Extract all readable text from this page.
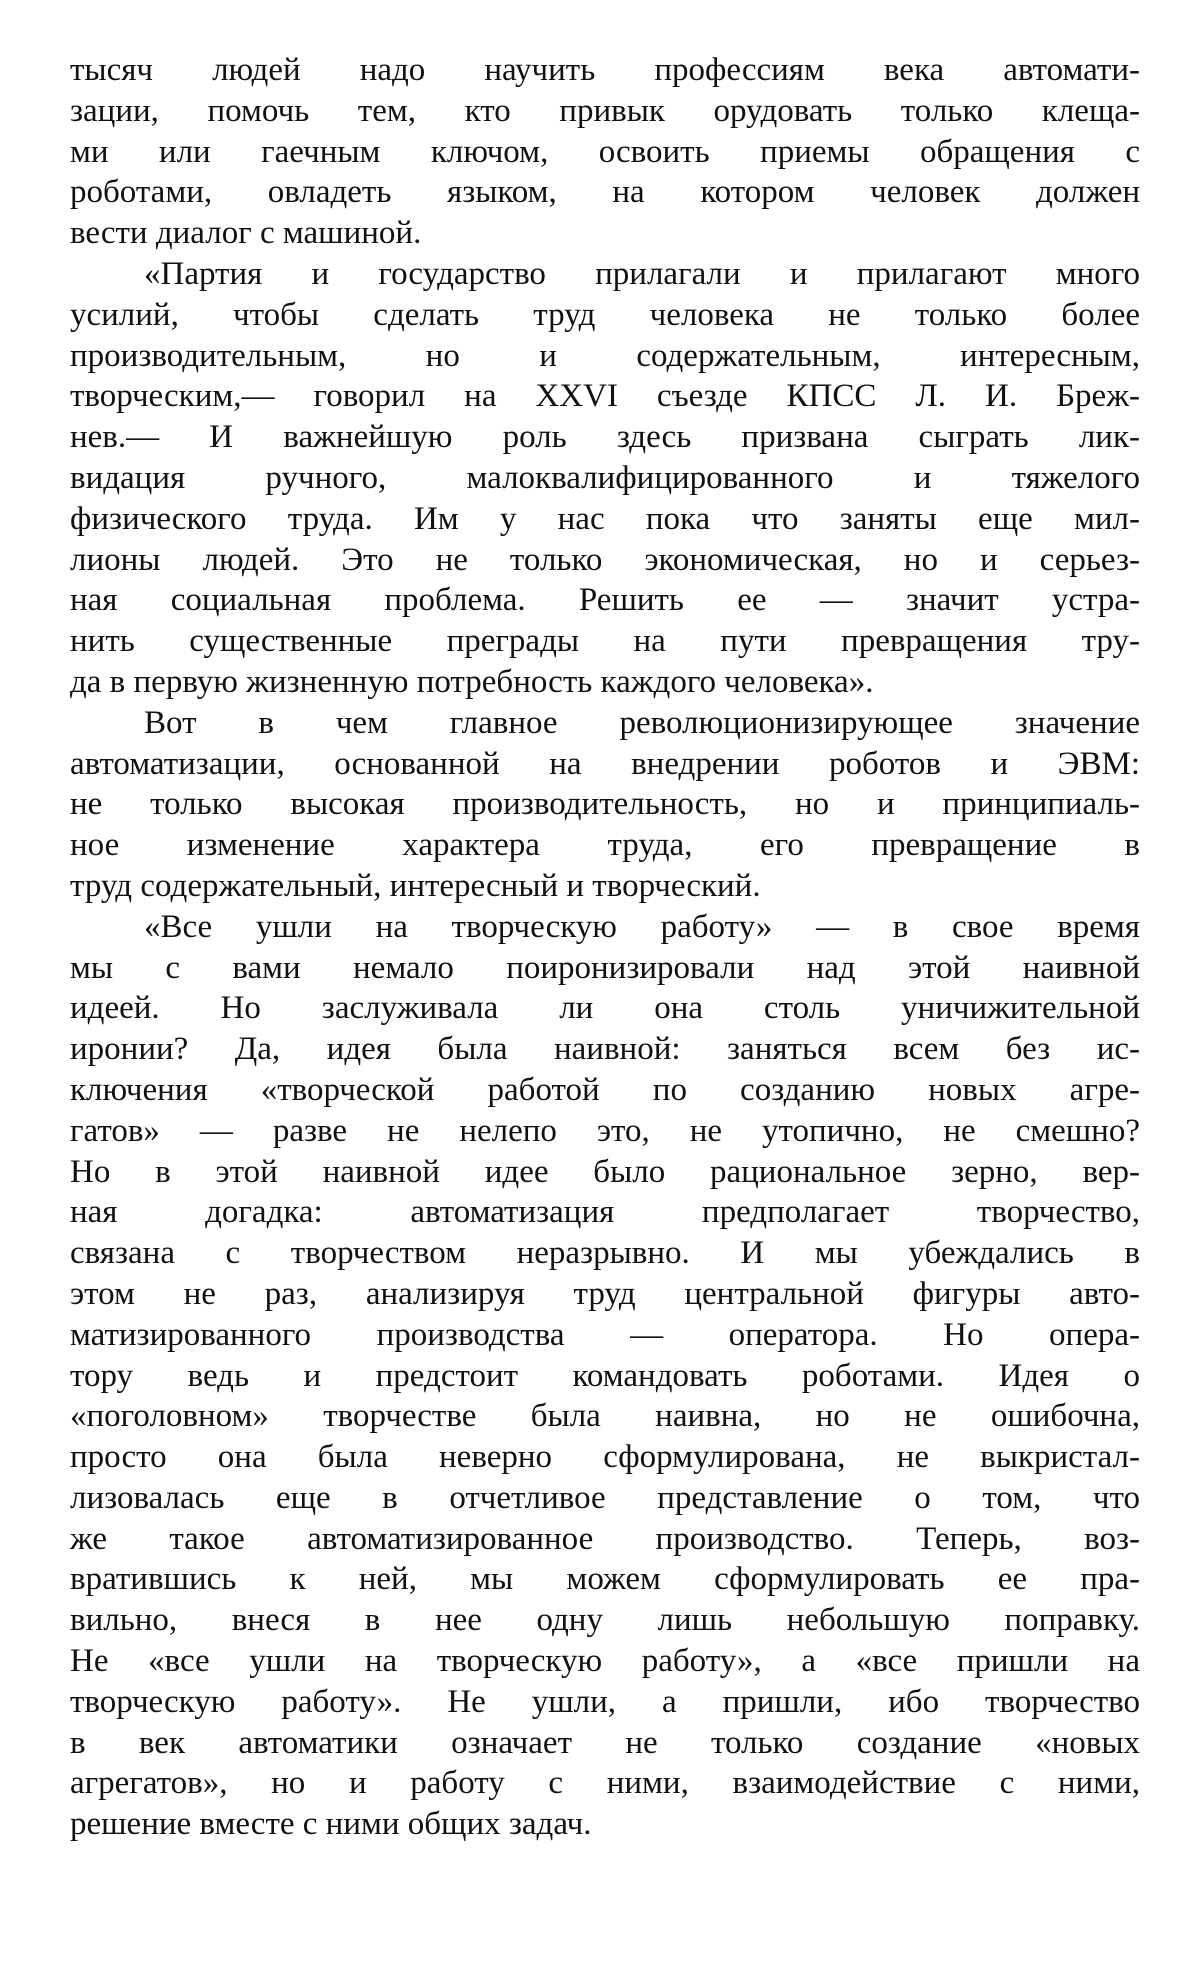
тысяч людей надо научить профессиям века автомати-
зации, помочь тем, кто привык орудовать только клеща-
ми или гаечным ключом, освоить приемы обращения с
роботами, овладеть языком, на котором человек должен
вести диалог с машиной.
«Партия и государство прилагали и прилагают много
усилий, чтобы сделать труд человека не только более
производительным, но и содержательным, интересным,
творческим,— говорил на XXVI съезде КПСС Л. И. Бреж-
нев.— И важнейшую роль здесь призвана сыграть лик-
видация ручного, малоквалифицированного и тяжелого
физического труда. Им у нас пока что заняты еще мил-
лионы людей. Это не только экономическая, но и серьез-
ная социальная проблема. Решить ее — значит устра-
нить существенные преграды на пути превращения тру-
да в первую жизненную потребность каждого человека».
Вот в чем главное революционизирующее значение
автоматизации, основанной на внедрении роботов и ЭВМ:
не только высокая производительность, но и принципиаль-
ное изменение характера труда, его превращение в
труд содержательный, интересный и творческий.
«Все ушли на творческую работу» — в свое время
мы с вами немало поиронизировали над этой наивной
идеей. Но заслуживала ли она столь уничижительной
иронии? Да, идея была наивной: заняться всем без ис-
ключения «творческой работой по созданию новых агре-
гатов» — разве не нелепо это, не утопично, не смешно?
Но в этой наивной идее было рациональное зерно, вер-
ная догадка: автоматизация предполагает творчество,
связана с творчеством неразрывно. И мы убеждались в
этом не раз, анализируя труд центральной фигуры авто-
матизированного производства — оператора. Но опера-
тору ведь и предстоит командовать роботами. Идея о
«поголовном» творчестве была наивна, но не ошибочна,
просто она была неверно сформулирована, не выкристал-
лизовалась еще в отчетливое представление о том, что
же такое автоматизированное производство. Теперь, воз-
вратившись к ней, мы можем сформулировать ее пра-
вильно, внеся в нее одну лишь небольшую поправку.
Не «все ушли на творческую работу», а «все пришли на
творческую работу». Не ушли, а пришли, ибо творчество
в век автоматики означает не только создание «новых
агрегатов», но и работу с ними, взаимодействие с ними,
решение вместе с ними общих задач.
